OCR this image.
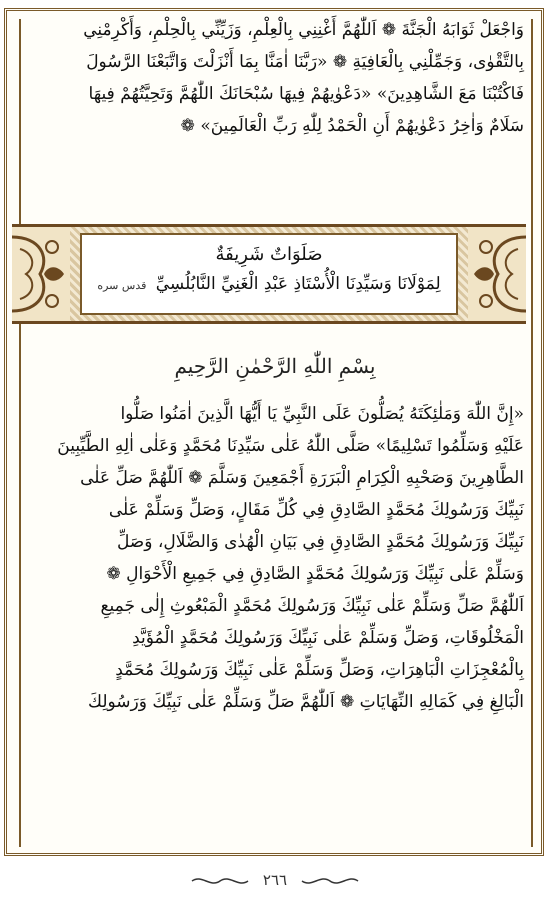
وَاجْعَلْ ثَوَابَهُ الْجَنَّةَ ❁ اَللّٰهُمَّ أَغْنِنِي بِالْعِلْمِ، وَزَيِّنِّي بِالْحِلْمِ، وَأَكْرِمْنِي
بِالتَّقْوٰى، وَجَمِّلْنِي بِالْعَافِيَةِ ❁ «رَبَّنَا اٰمَنَّا بِمَا أَنْزَلْتَ وَاتَّبَعْنَا الرَّسُولَ
فَاكْتُبْنَا مَعَ الشَّاهِدِينَ» «دَعْوٰيهُمْ فِيهَا سُبْحَانَكَ اللّٰهُمَّ وَتَحِيَّتُهُمْ فِيهَا
سَلَامٌ وَاٰخِرُ دَعْوٰيهُمْ أَنِ الْحَمْدُ لِلّٰهِ رَبِّ الْعَالَمِينَ» ❁
صَلَوَاتٌ شَرِيفَةٌ
لِمَوْلَانَا وَسَيِّدِنَا الْأُسْتَاذِ عَبْدِ الْغَنِيِّ النَّابُلُسِيِّ قدس سره
بِسْمِ اللّٰهِ الرَّحْمٰنِ الرَّحِيمِ
«إِنَّ اللّٰهَ وَمَلٰئِكَتَهُ يُصَلُّونَ عَلَى النَّبِيِّ يَا أَيُّهَا الَّذِينَ اٰمَنُوا صَلُّوا
عَلَيْهِ وَسَلِّمُوا تَسْلِيمًا» صَلَّى اللّٰهُ عَلٰى سَيِّدِنَا مُحَمَّدٍ وَعَلٰى اٰلِهِ الطَّيِّبِينَ
الطَّاهِرِينَ وَصَحْبِهِ الْكِرَامِ الْبَرَرَةِ أَجْمَعِينَ وَسَلَّمَ ❁ اَللّٰهُمَّ صَلِّ عَلٰى
نَبِيِّكَ وَرَسُولِكَ مُحَمَّدٍ الصَّادِقِ فِي كُلِّ مَقَالٍ، وَصَلِّ وَسَلِّمْ عَلٰى
نَبِيِّكَ وَرَسُولِكَ مُحَمَّدٍ الصَّادِقِ فِي بَيَانِ الْهُدٰى وَالضَّلَالِ، وَصَلِّ
وَسَلِّمْ عَلٰى نَبِيِّكَ وَرَسُولِكَ مُحَمَّدٍ الصَّادِقِ فِي جَمِيعِ الْأَحْوَالِ ❁
اَللّٰهُمَّ صَلِّ وَسَلِّمْ عَلٰى نَبِيِّكَ وَرَسُولِكَ مُحَمَّدٍ الْمَبْعُوثِ إِلٰى جَمِيعِ
الْمَخْلُوقَاتِ، وَصَلِّ وَسَلِّمْ عَلٰى نَبِيِّكَ وَرَسُولِكَ مُحَمَّدٍ الْمُؤَيَّدِ
بِالْمُعْجِزَاتِ الْبَاهِرَاتِ، وَصَلِّ وَسَلِّمْ عَلٰى نَبِيِّكَ وَرَسُولِكَ مُحَمَّدٍ
الْبَالِغِ فِي كَمَالِهِ النِّهَايَاتِ ❁ اَللّٰهُمَّ صَلِّ وَسَلِّمْ عَلٰى نَبِيِّكَ وَرَسُولِكَ
٢٦٦
